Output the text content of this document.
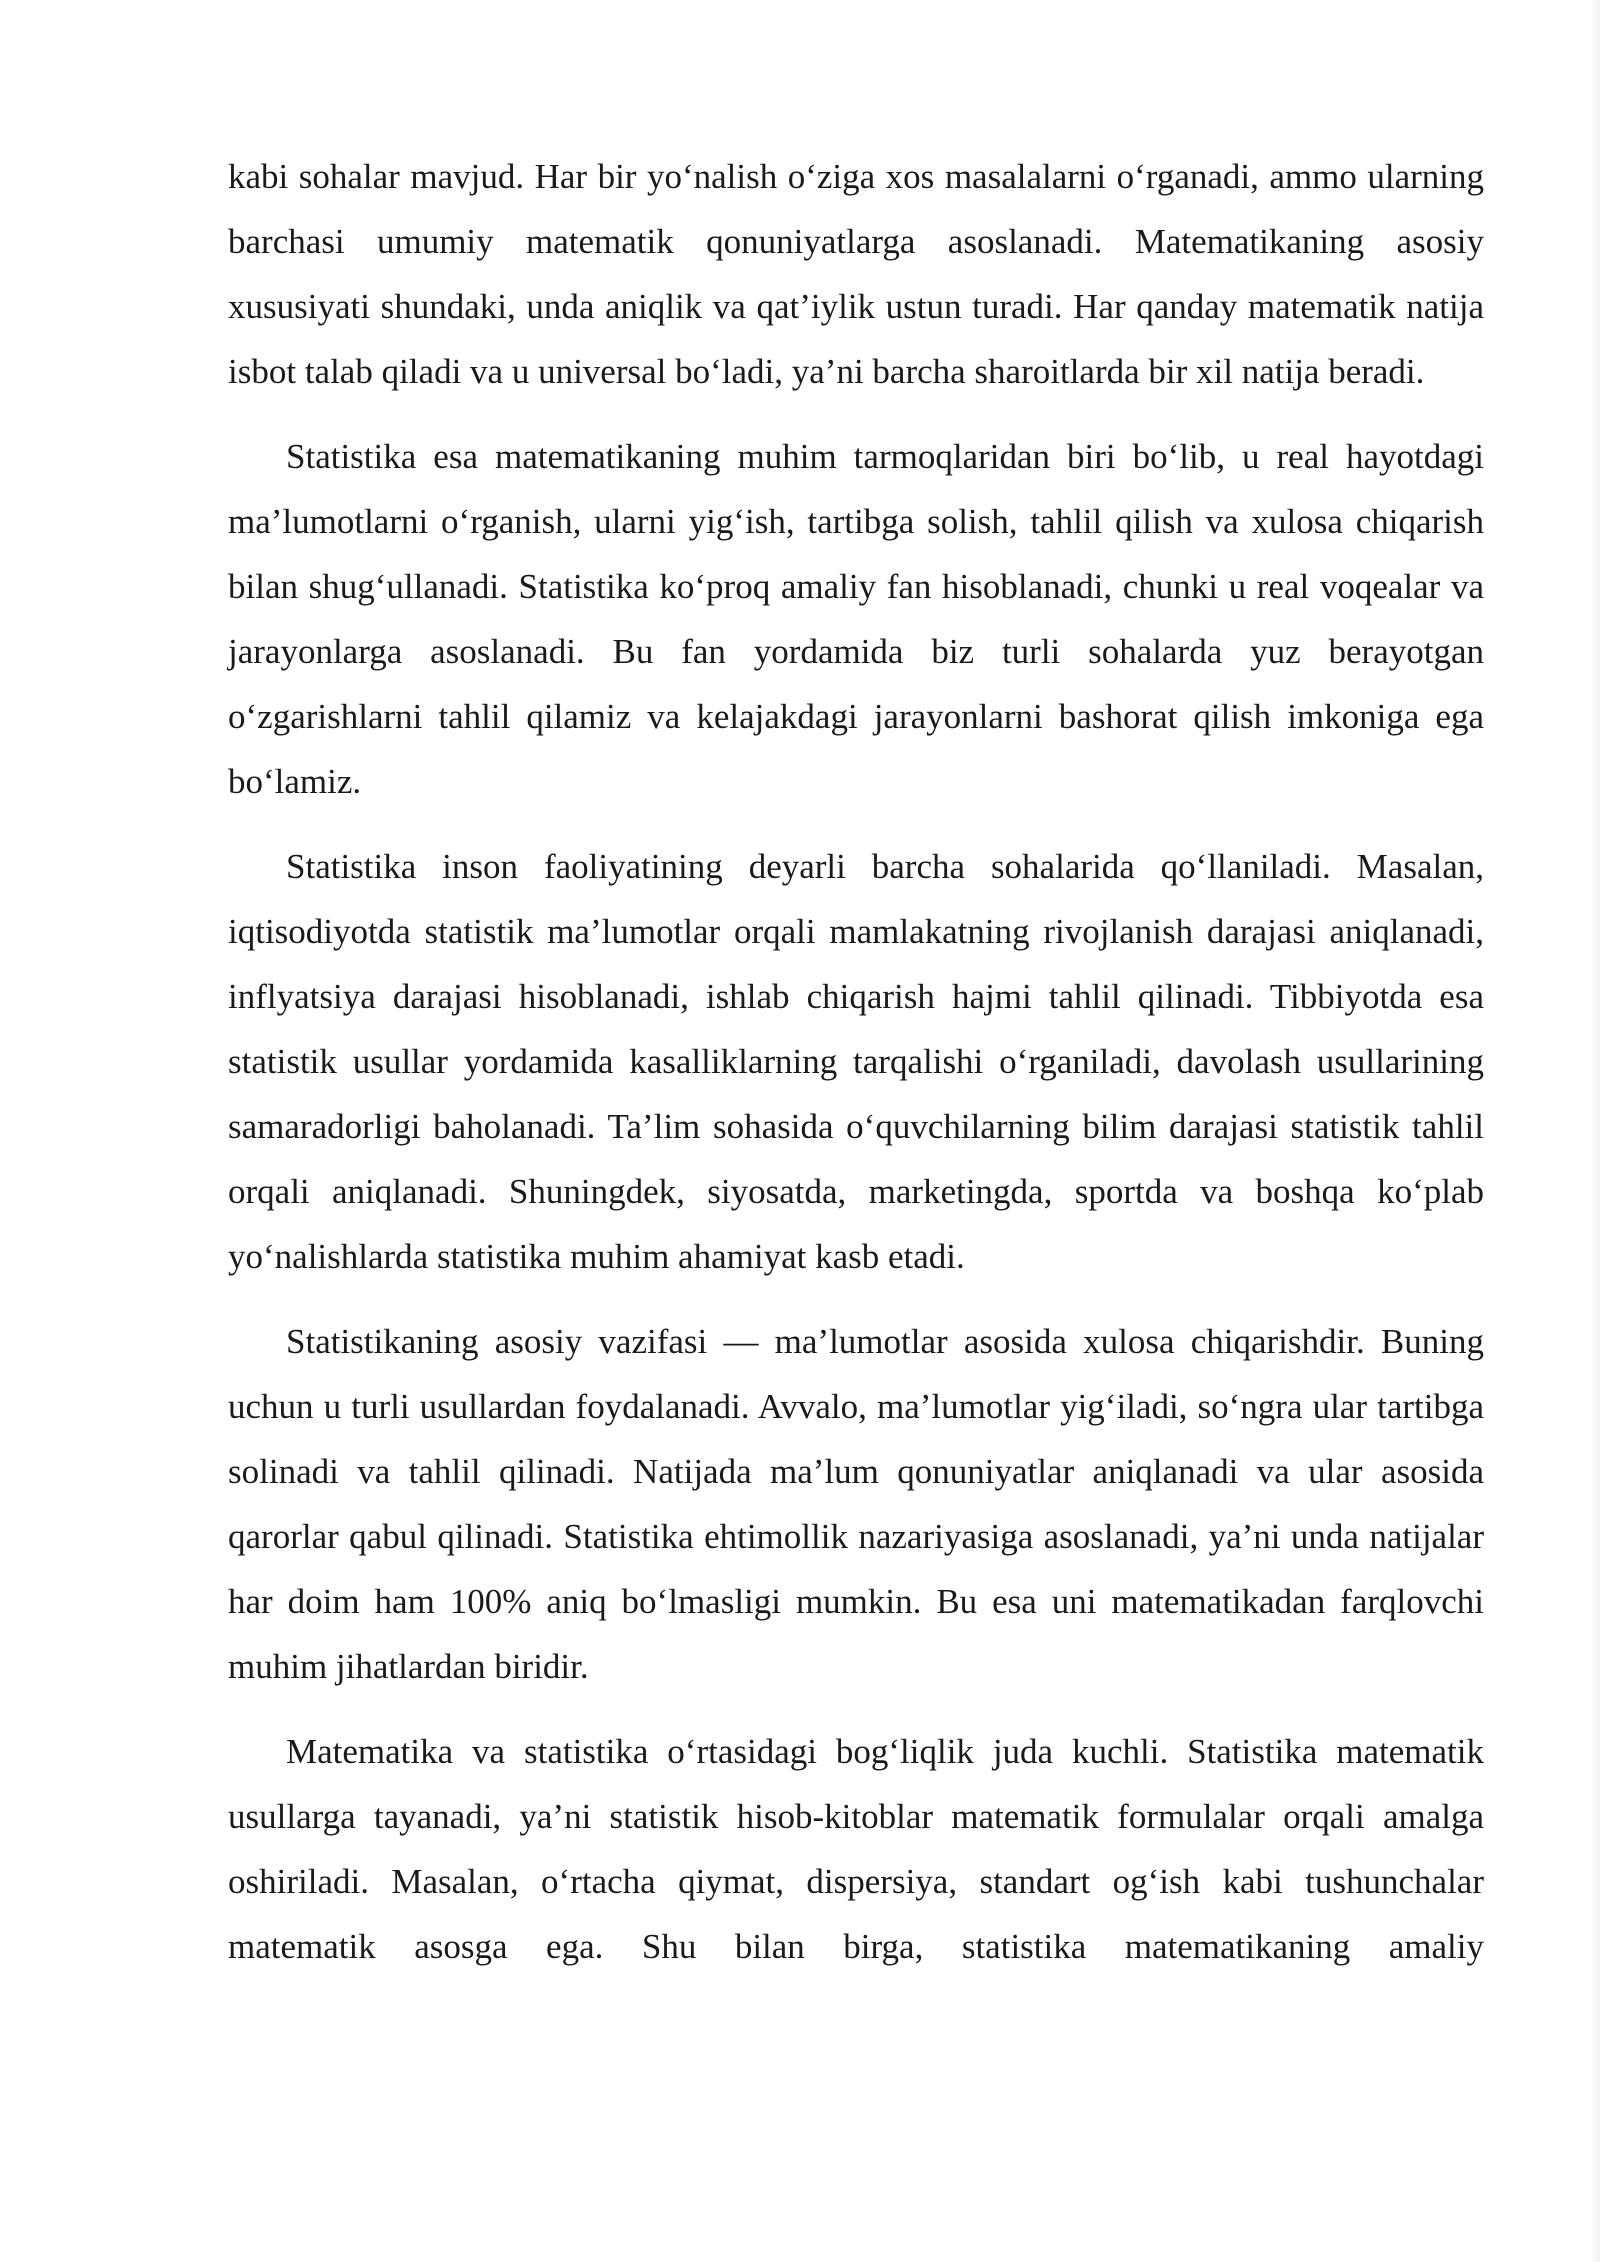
kabi sohalar mavjud. Har bir yo‘nalish o‘ziga xos masalalarni o‘rganadi, ammo ularning barchasi umumiy matematik qonuniyatlarga asoslanadi. Matematikaning asosiy xususiyati shundaki, unda aniqlik va qat’iylik ustun turadi. Har qanday matematik natija isbot talab qiladi va u universal bo‘ladi, ya’ni barcha sharoitlarda bir xil natija beradi.

Statistika esa matematikaning muhim tarmoqlaridan biri bo‘lib, u real hayotdagi ma’lumotlarni o‘rganish, ularni yig‘ish, tartibga solish, tahlil qilish va xulosa chiqarish bilan shug‘ullanadi. Statistika ko‘proq amaliy fan hisoblanadi, chunki u real voqealar va jarayonlarga asoslanadi. Bu fan yordamida biz turli sohalarda yuz berayotgan o‘zgarishlarni tahlil qilamiz va kelajakdagi jarayonlarni bashorat qilish imkoniga ega bo‘lamiz.

Statistika inson faoliyatining deyarli barcha sohalarida qo‘llaniladi. Masalan, iqtisodiyotda statistik ma’lumotlar orqali mamlakatning rivojlanish darajasi aniqlanadi, inflyatsiya darajasi hisoblanadi, ishlab chiqarish hajmi tahlil qilinadi. Tibbiyotda esa statistik usullar yordamida kasalliklarning tarqalishi o‘rganiladi, davolash usullarining samaradorligi baholanadi. Ta’lim sohasida o‘quvchilarning bilim darajasi statistik tahlil orqali aniqlanadi. Shuningdek, siyosatda, marketingda, sportda va boshqa ko‘plab yo‘nalishlarda statistika muhim ahamiyat kasb etadi.

Statistikaning asosiy vazifasi — ma’lumotlar asosida xulosa chiqarishdir. Buning uchun u turli usullardan foydalanadi. Avvalo, ma’lumotlar yig‘iladi, so‘ngra ular tartibga solinadi va tahlil qilinadi. Natijada ma’lum qonuniyatlar aniqlanadi va ular asosida qarorlar qabul qilinadi. Statistika ehtimollik nazariyasiga asoslanadi, ya’ni unda natijalar har doim ham 100% aniq bo‘lmasligi mumkin. Bu esa uni matematikadan farqlovchi muhim jihatlardan biridir.

Matematika va statistika o‘rtasidagi bog‘liqlik juda kuchli. Statistika matematik usullarga tayanadi, ya’ni statistik hisob-kitoblar matematik formulalar orqali amalga oshiriladi. Masalan, o‘rtacha qiymat, dispersiya, standart og‘ish kabi tushunchalar matematik asosga ega. Shu bilan birga, statistika matematikaning amaliy
